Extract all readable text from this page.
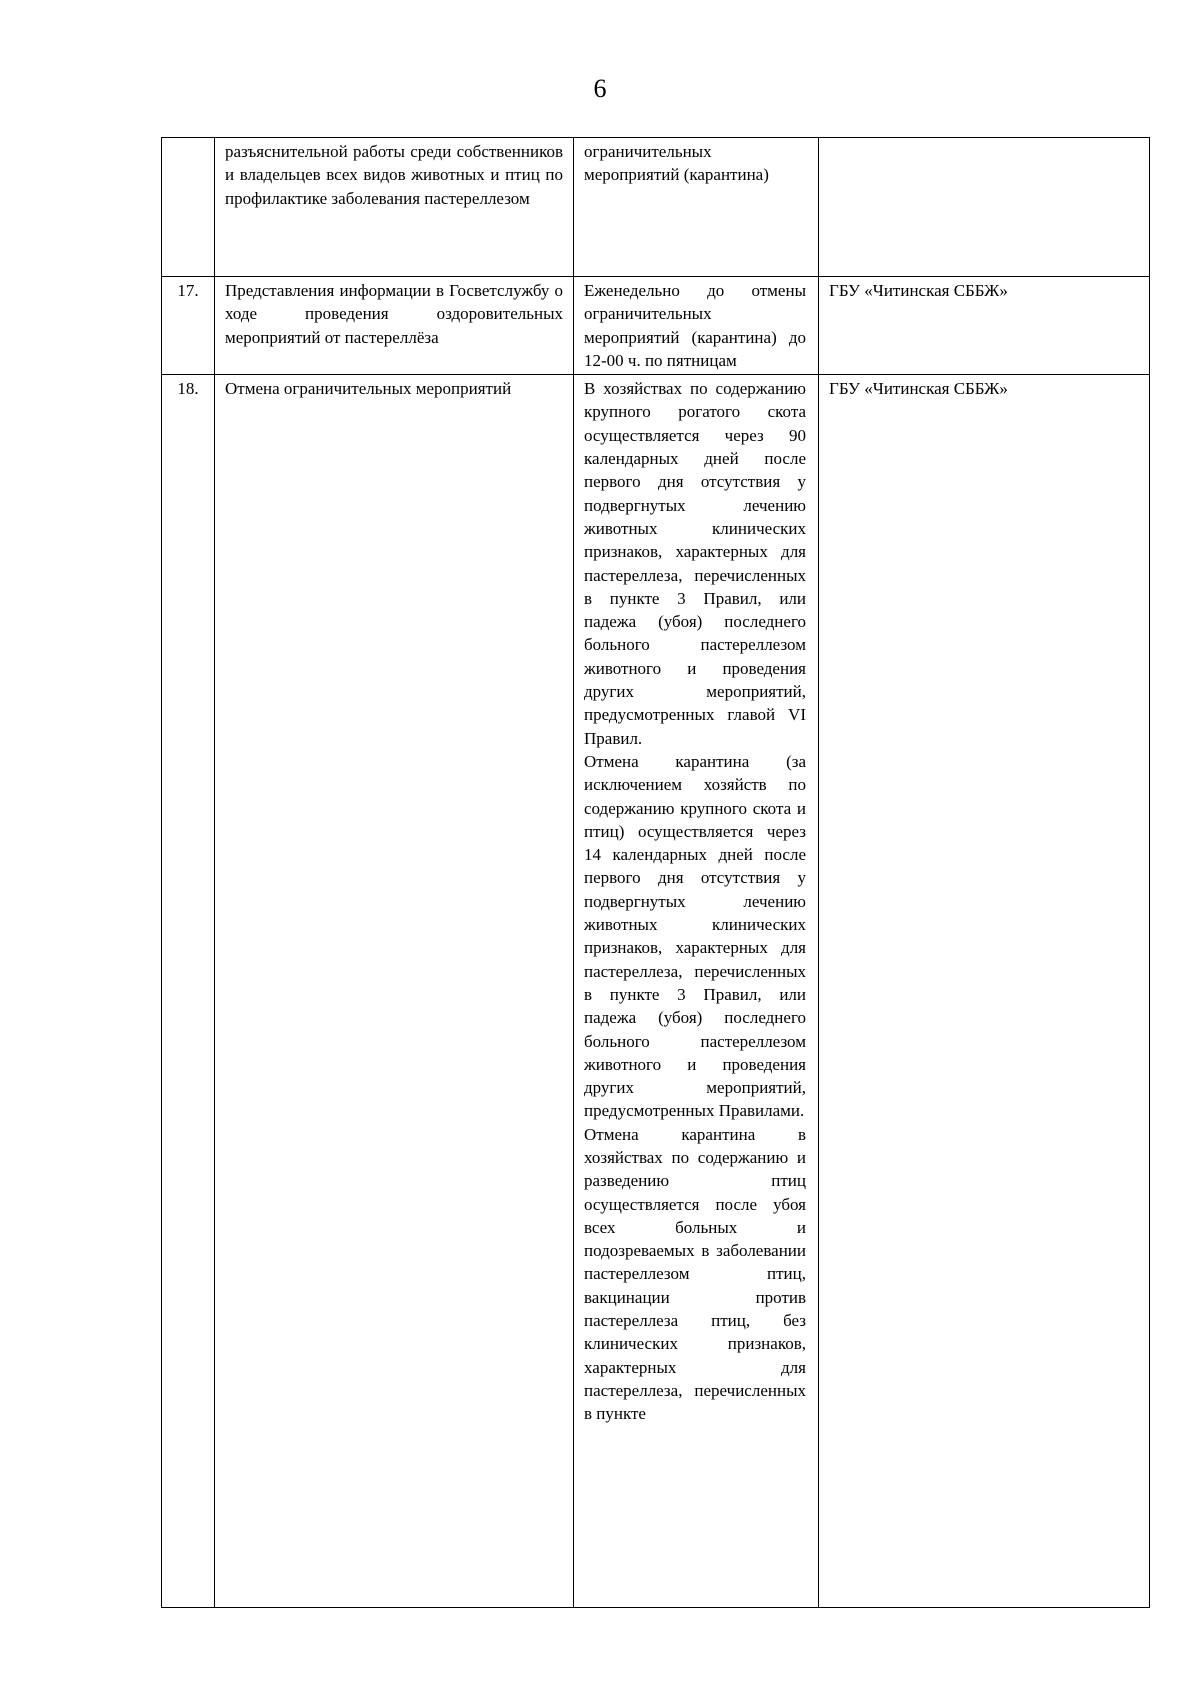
6
	разъяснительной работы среди собственников и владельцев всех видов животных и птиц по профилактике заболевания пастереллезом	ограничительных мероприятий (карантина)	
17.	Представления информации в Госветслужбу о ходе проведения оздоровительных мероприятий от пастереллёза	Еженедельно до отмены ограничительных мероприятий (карантина) до 12-00 ч. по пятницам	ГБУ «Читинская СББЖ»
18.	Отмена ограничительных мероприятий	В хозяйствах по содержанию крупного рогатого скота осуществляется через 90 календарных дней после первого дня отсутствия у подвергнутых лечению животных клинических признаков, характерных для пастереллеза, перечисленных в пункте 3 Правил, или падежа (убоя) последнего больного пастереллезом животного и проведения других мероприятий, предусмотренных главой VI Правил.
Отмена карантина (за исключением хозяйств по содержанию крупного скота и птиц) осуществляется через 14 календарных дней после первого дня отсутствия у подвергнутых лечению животных клинических признаков, характерных для пастереллеза, перечисленных в пункте 3 Правил, или падежа (убоя) последнего больного пастереллезом животного и проведения других мероприятий, предусмотренных Правилами.
Отмена карантина в хозяйствах по содержанию и разведению птиц осуществляется после убоя всех больных и подозреваемых в заболевании пастереллезом птиц, вакцинации против пастереллеза птиц, без клинических признаков, характерных для пастереллеза, перечисленных в пункте	ГБУ «Читинская СББЖ»
